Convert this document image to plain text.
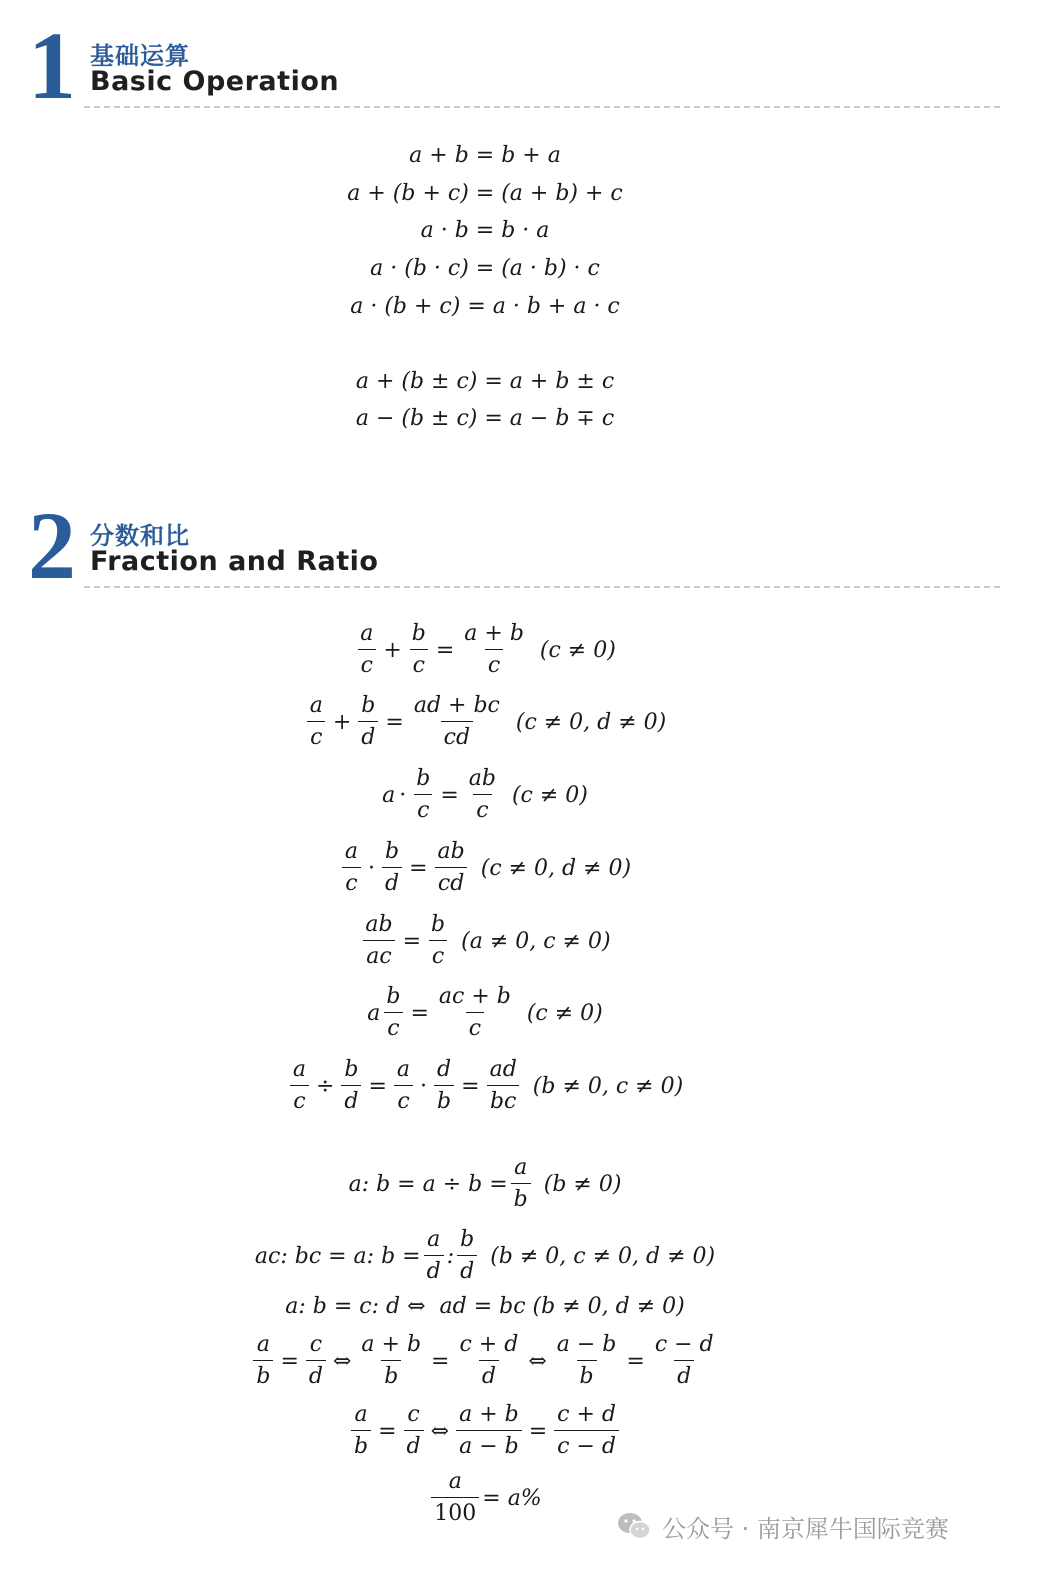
1 基础运算
Basic Operation
a + b = b + a
a + (b + c) = (a + b) + c
a · b = b · a
a · (b · c) = (a · b) · c
a · (b + c) = a · b + a · c
a + (b ± c) = a + b ± c
a − (b ± c) = a − b ∓ c
2 分数和比
Fraction and Ratio
$\frac{a}{c} + \frac{b}{c} = \frac{a + b}{c} (c \ne 0)$
$\frac{a}{c} + \frac{b}{d} = \frac{ad + bc}{cd} (c \ne 0$, d ≠ 0)
$a \cdot \frac{b}{c} = \frac{ab}{c} (c \ne 0)$
$\frac{a}{c} \cdot \frac{b}{d} = \frac{ab}{cd} (c \ne 0$, d ≠ 0)
$\frac{ab}{ac} = \frac{b}{c} (a \ne 0$, c ≠ 0)
a $\frac{b}{c} = \frac{ac + b}{c} (c \ne 0)$
$\frac{a}{c} \div \frac{b}{d} = \frac{a}{c} \cdot \frac{d}{b} = \frac{ad}{bc} (b \ne 0$, c ≠ 0)
a: $b = a \div b = \frac{a}{b} (b \ne 0)$
ac: bc = a: $b = \frac{a}{d}$ : $\frac{b}{d} (b \ne 0$, c ≠ 0, d ≠ 0)
a: b = c: d ⇔  ad = bc (b ≠ 0, d ≠ 0)
$\frac{a}{b} = \frac{c}{d}$ ⇔ $\frac{a + b}{b} = \frac{c + d}{d}$ ⇔ $\frac{a - b}{b} = \frac{c - d}{d}$
$\frac{a}{b} = \frac{c}{d}$ ⇔ $\frac{a + b}{a - b} = \frac{c + d}{c - d}$
$\frac{a}{100} = a\%$
公众号 · 南京犀牛国际竞赛
